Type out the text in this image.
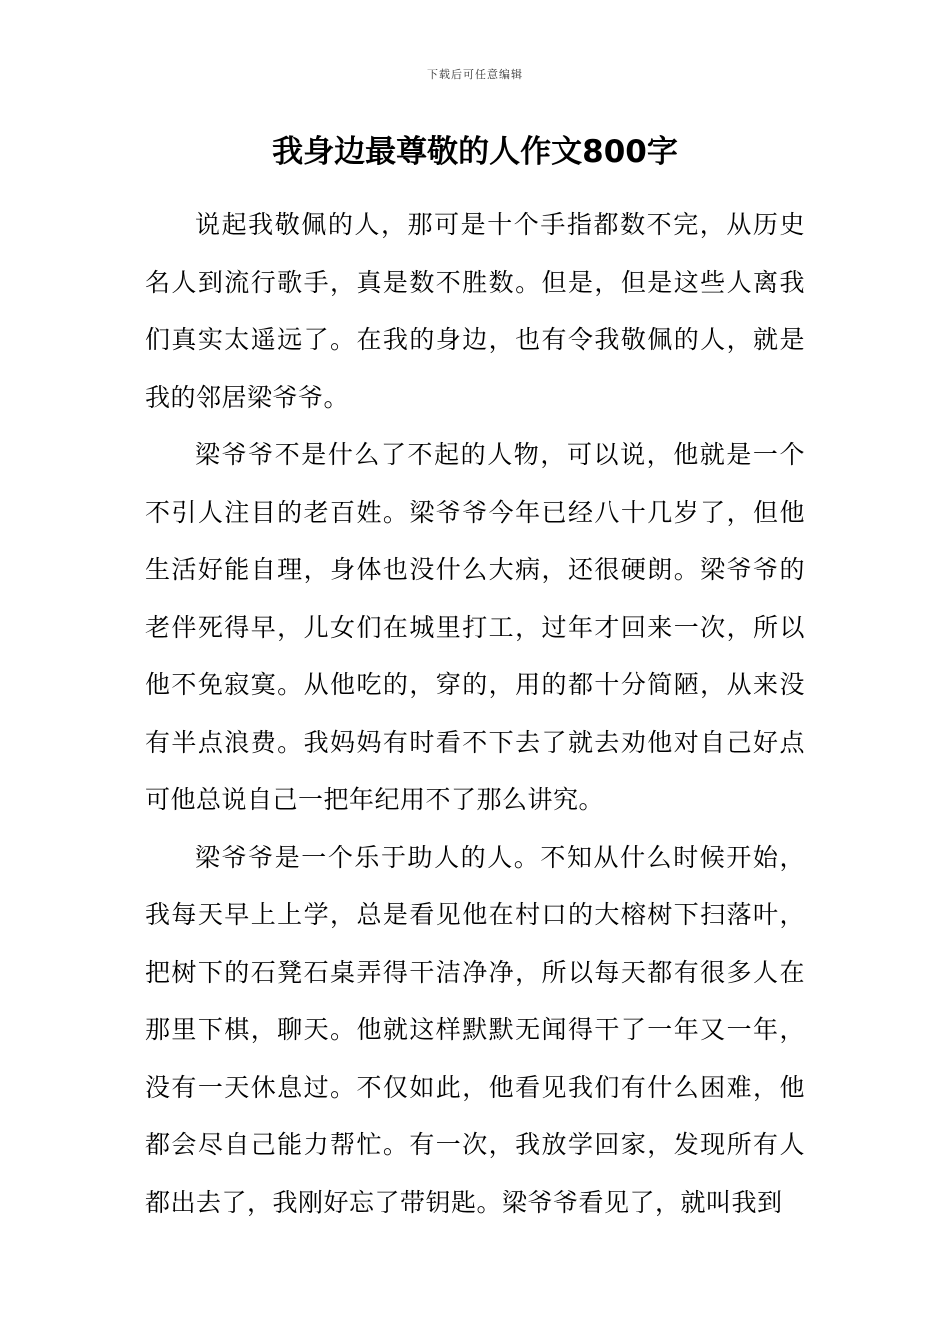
下载后可任意编辑
我身边最尊敬的人作文800字

说起我敬佩的人，那可是十个手指都数不完，从历史名人到流行歌手，真是数不胜数。但是，但是这些人离我们真实太遥远了。在我的身边，也有令我敬佩的人，就是我的邻居梁爷爷。

梁爷爷不是什么了不起的人物，可以说，他就是一个不引人注目的老百姓。梁爷爷今年已经八十几岁了，但他生活好能自理，身体也没什么大病，还很硬朗。梁爷爷的老伴死得早，儿女们在城里打工，过年才回来一次，所以他不免寂寞。从他吃的，穿的，用的都十分简陋，从来没有半点浪费。我妈妈有时看不下去了就去劝他对自己好点可他总说自己一把年纪用不了那么讲究。

梁爷爷是一个乐于助人的人。不知从什么时候开始，我每天早上上学，总是看见他在村口的大榕树下扫落叶，把树下的石凳石桌弄得干洁净净，所以每天都有很多人在那里下棋，聊天。他就这样默默无闻得干了一年又一年，没有一天休息过。不仅如此，他看见我们有什么困难，他都会尽自己能力帮忙。有一次，我放学回家，发现所有人都出去了，我刚好忘了带钥匙。梁爷爷看见了，就叫我到
